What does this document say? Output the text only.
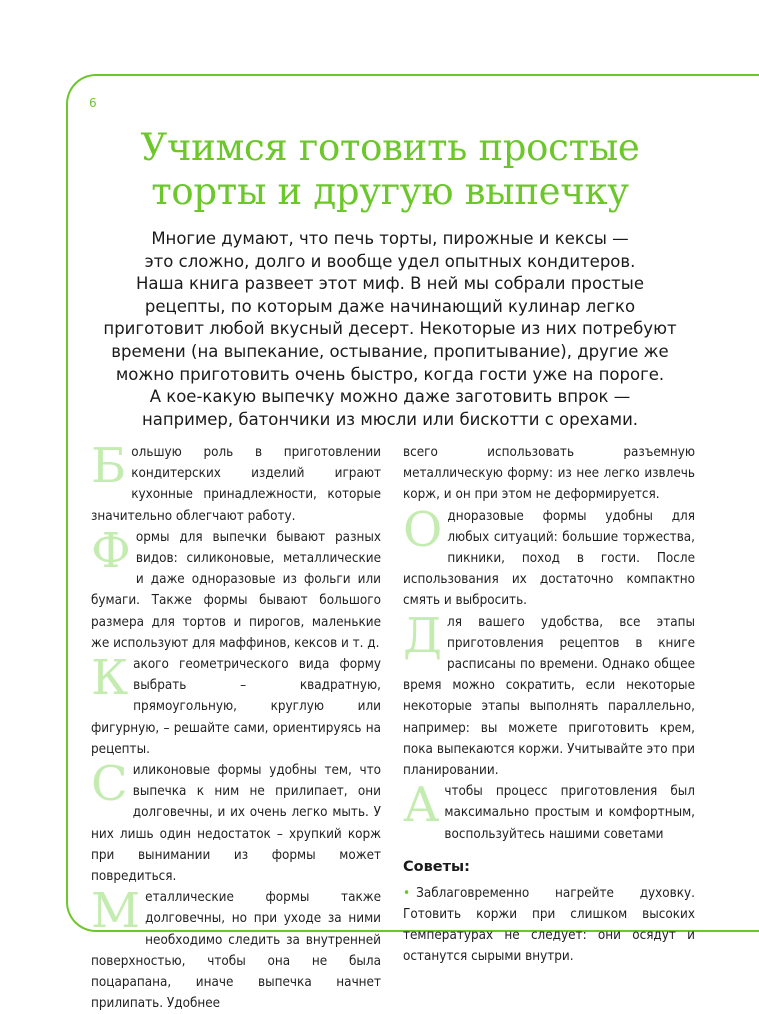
6
Учимся готовить простые
торты и другую выпечку

Многие думают, что печь торты, пирожные и кексы —
это сложно, долго и вообще удел опытных кондитеров.
Наша книга развеет этот миф. В ней мы собрали простые
рецепты, по которым даже начинающий кулинар легко
приготовит любой вкусный десерт. Некоторые из них потребуют
времени (на выпекание, остывание, пропитывание), другие же
можно приготовить очень быстро, когда гости уже на пороге.
А кое-какую выпечку можно даже заготовить впрок —
например, батончики из мюсли или бискотти с орехами.

Б ольшую роль в приготовлении кондитерских изделий играют кухонные принадлежности, которые значительно облегчают работу.

Ф ормы для выпечки бывают разных видов: силиконовые, металлические и даже одноразовые из фольги или бумаги. Также формы бывают большого размера для тортов и пирогов, маленькие же используют для маффинов, кексов и т. д.

К акого геометрического вида форму выбрать – квадратную, прямоугольную, круглую или фигурную, – решайте сами, ориентируясь на рецепты.

С иликоновые формы удобны тем, что выпечка к ним не прилипает, они долговечны, и их очень легко мыть. У них лишь один недостаток – хрупкий корж при вынимании из формы может повредиться.

М еталлические формы также долговечны, но при уходе за ними необходимо следить за внутренней поверхностью, чтобы она не была поцарапана, иначе выпечка начнет прилипать. Удобнее

всего использовать разъемную металлическую форму: из нее легко извлечь корж, и он при этом не деформируется.

О дноразовые формы удобны для любых ситуаций: большие торжества, пикники, поход в гости. После использования их достаточно компактно смять и выбросить.

Д ля вашего удобства, все этапы приготовления рецептов в книге расписаны по времени. Однако общее время можно сократить, если некоторые некоторые этапы выполнять параллельно, например: вы можете приготовить крем, пока выпекаются коржи. Учитывайте это при планировании.

А чтобы процесс приготовления был максимально простым и комфортным, воспользуйтесь нашими советами

Советы:

• Заблаговременно нагрейте духовку. Готовить коржи при слишком высоких температурах не следует: они осядут и останутся сырыми внутри.
